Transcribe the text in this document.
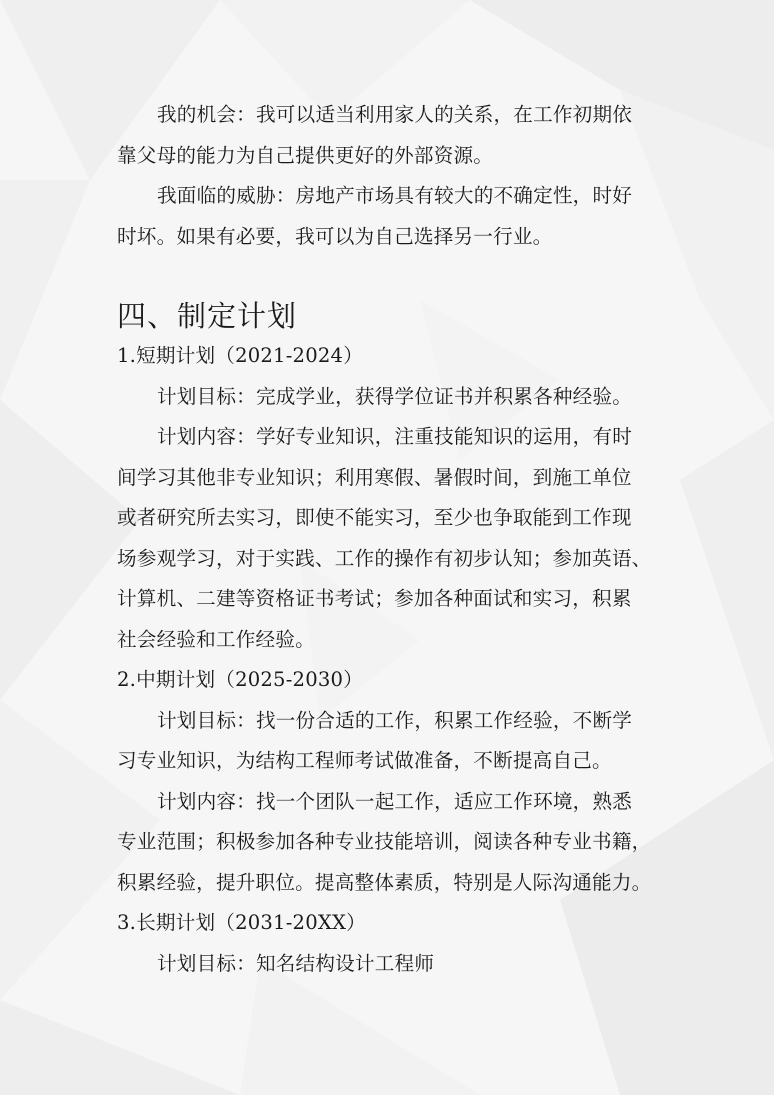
我的机会：我可以适当利用家人的关系，在工作初期依
靠父母的能力为自己提供更好的外部资源。
我面临的威胁：房地产市场具有较大的不确定性，时好
时坏。如果有必要，我可以为自己选择另一行业。
四、制定计划
1.短期计划（2021-2024）
计划目标：完成学业，获得学位证书并积累各种经验。
计划内容：学好专业知识，注重技能知识的运用，有时
间学习其他非专业知识；利用寒假、暑假时间，到施工单位
或者研究所去实习，即使不能实习，至少也争取能到工作现
场参观学习，对于实践、工作的操作有初步认知；参加英语、
计算机、二建等资格证书考试；参加各种面试和实习，积累
社会经验和工作经验。
2.中期计划（2025-2030）
计划目标：找一份合适的工作，积累工作经验，不断学
习专业知识，为结构工程师考试做准备，不断提高自己。
计划内容：找一个团队一起工作，适应工作环境，熟悉
专业范围；积极参加各种专业技能培训，阅读各种专业书籍，
积累经验，提升职位。提高整体素质，特别是人际沟通能力。
3.长期计划（2031-20XX）
计划目标：知名结构设计工程师
